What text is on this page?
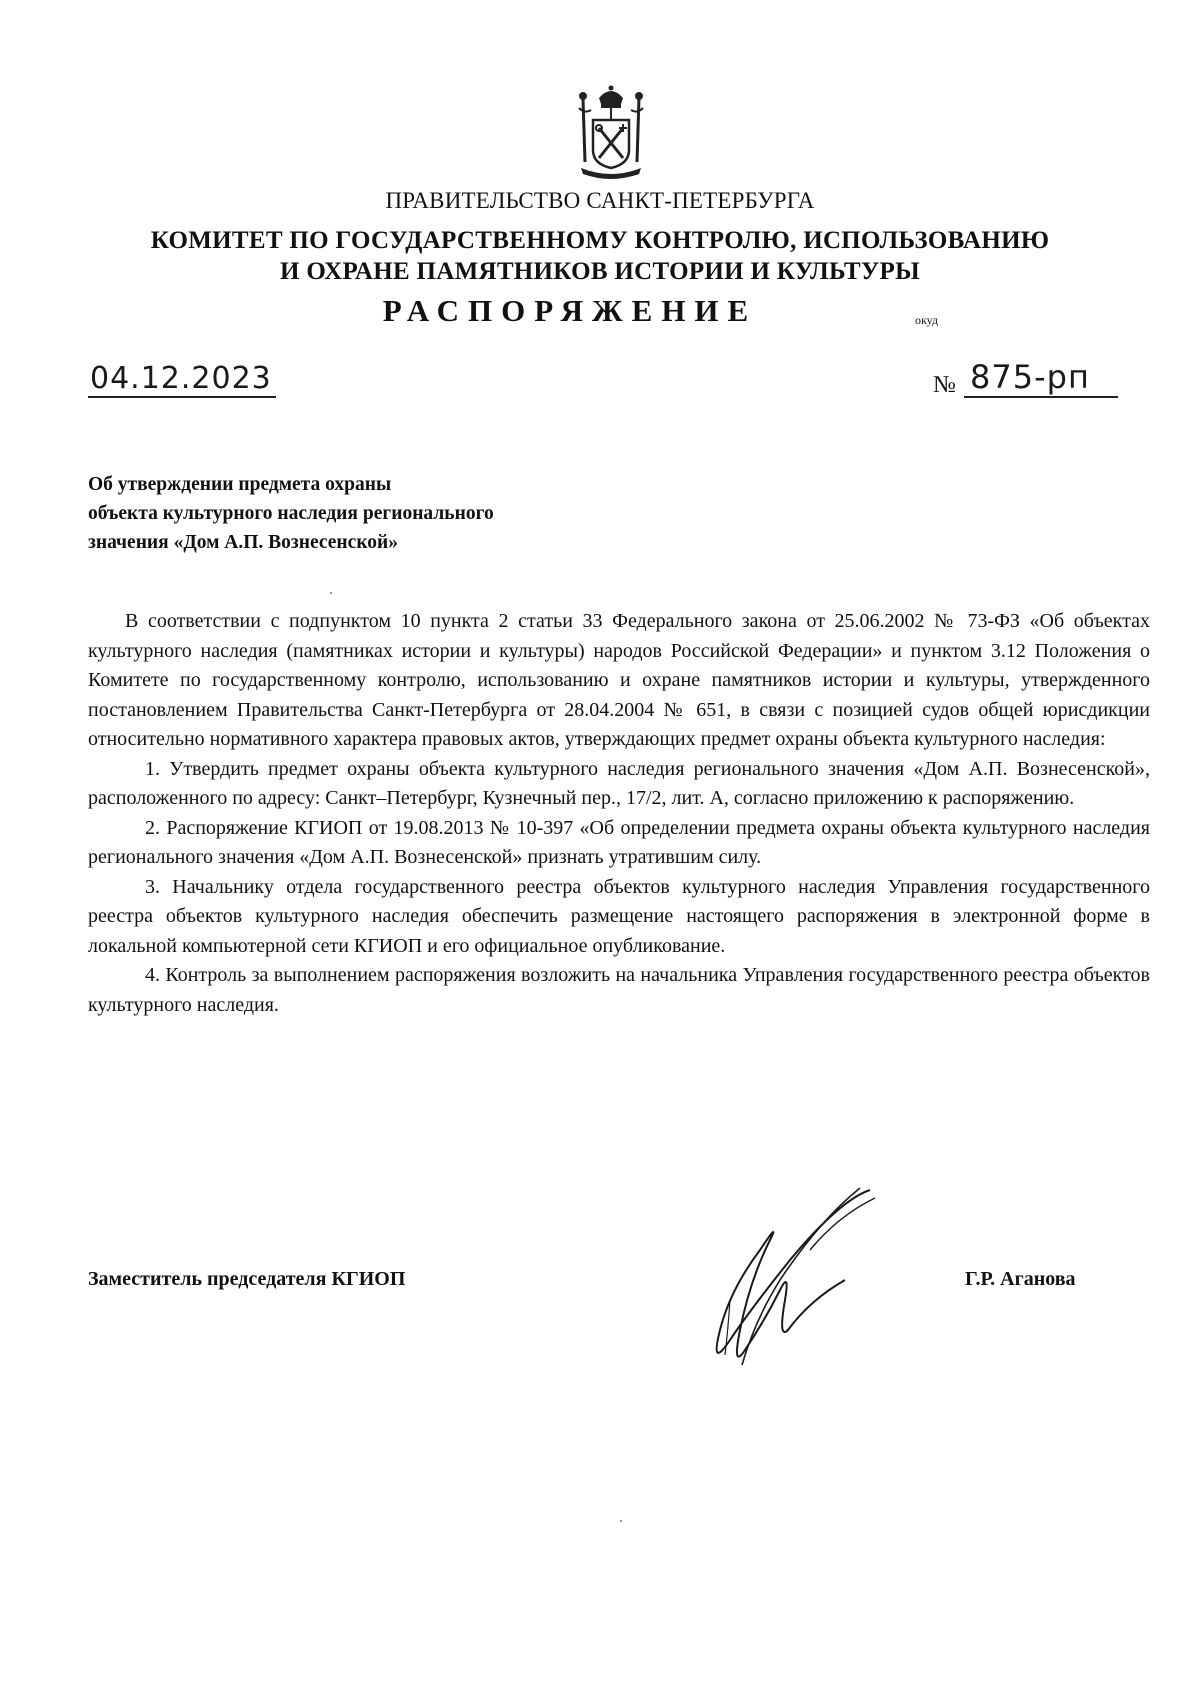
ПРАВИТЕЛЬСТВО САНКТ-ПЕТЕРБУРГА
КОМИТЕТ ПО ГОСУДАРСТВЕННОМУ КОНТРОЛЮ, ИСПОЛЬЗОВАНИЮ
И ОХРАНЕ ПАМЯТНИКОВ ИСТОРИИ И КУЛЬТУРЫ
РАСПОРЯЖЕНИЕ	окуд
04.12.2023	№ 875-рп
Об утверждении предмета охраны
объекта культурного наследия регионального
значения «Дом А.П. Вознесенской»

В соответствии с подпунктом 10 пункта 2 статьи 33 Федерального закона от 25.06.2002 № 73-ФЗ «Об объектах культурного наследия (памятниках истории и культуры) народов Российской Федерации» и пунктом 3.12 Положения о Комитете по государственному контролю, использованию и охране памятников истории и культуры, утвержденного постановлением Правительства Санкт-Петербурга от 28.04.2004 № 651, в связи с позицией судов общей юрисдикции относительно нормативного характера правовых актов, утверждающих предмет охраны объекта культурного наследия:

1. Утвердить предмет охраны объекта культурного наследия регионального значения «Дом А.П. Вознесенской», расположенного по адресу: Санкт–Петербург, Кузнечный пер., 17/2, лит. А, согласно приложению к распоряжению.

2. Распоряжение КГИОП от 19.08.2013 № 10-397 «Об определении предмета охраны объекта культурного наследия регионального значения «Дом А.П. Вознесенской» признать утратившим силу.

3. Начальнику отдела государственного реестра объектов культурного наследия Управления государственного реестра объектов культурного наследия обеспечить размещение настоящего распоряжения в электронной форме в локальной компьютерной сети КГИОП и его официальное опубликование.

4. Контроль за выполнением распоряжения возложить на начальника Управления государственного реестра объектов культурного наследия.

Заместитель председателя КГИОП	Г.Р. Аганова
